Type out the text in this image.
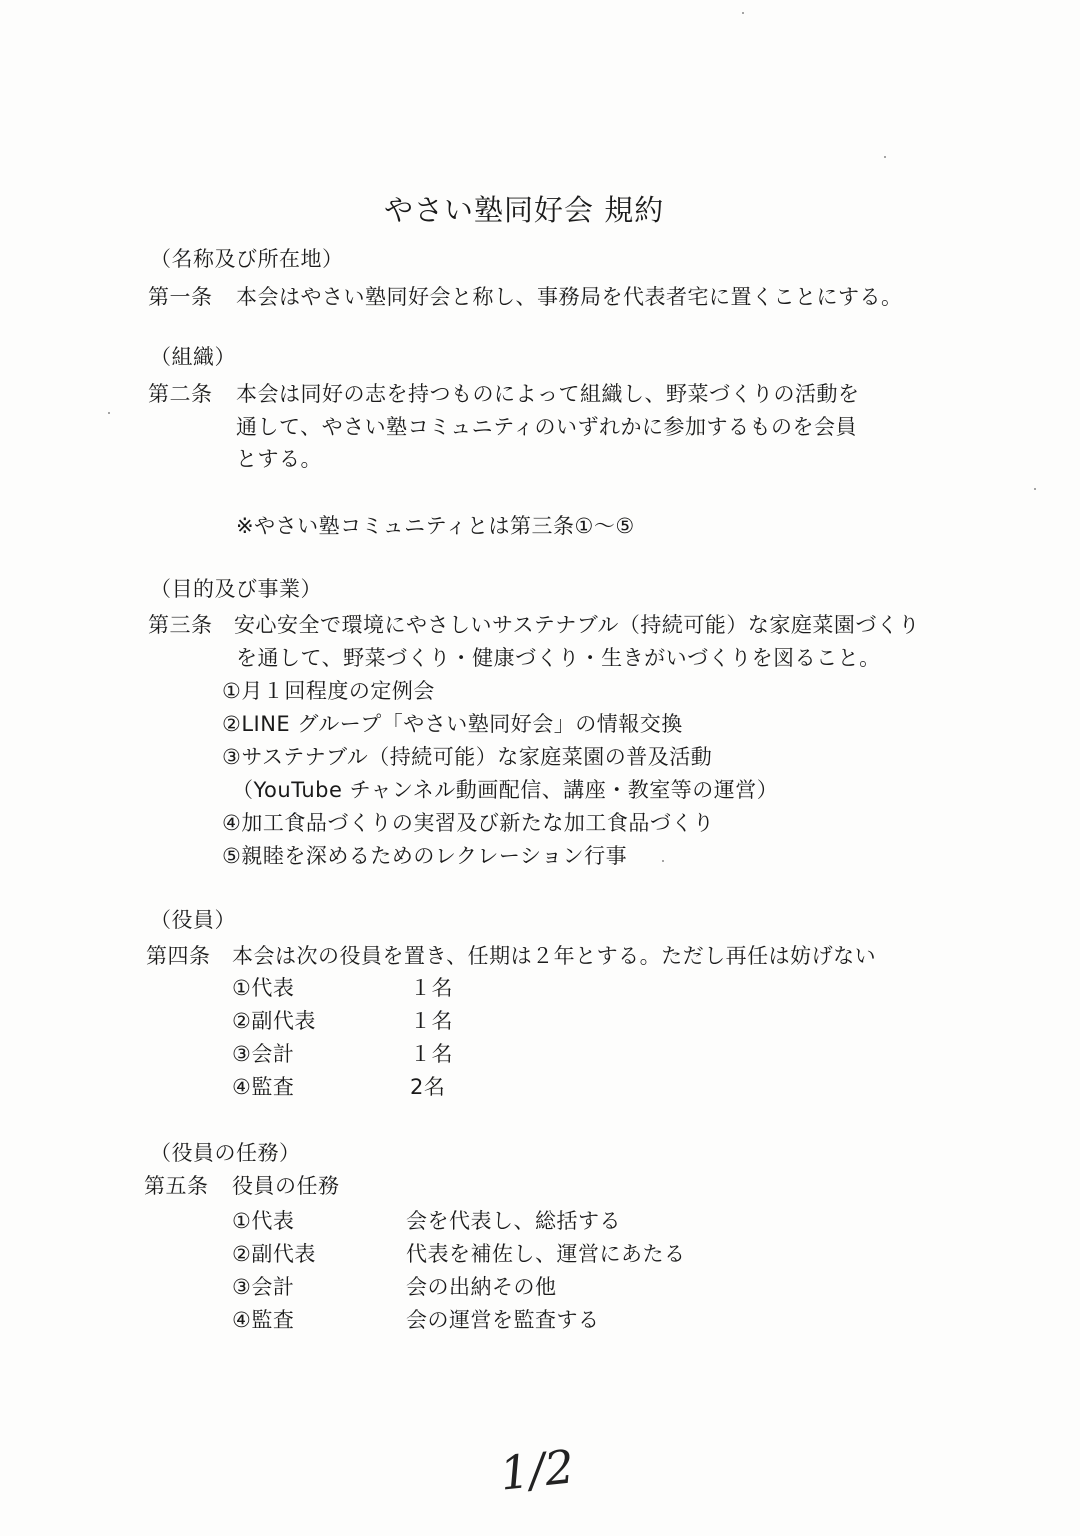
やさい塾同好会 規約
（名称及び所在地）
第一条 本会はやさい塾同好会と称し、事務局を代表者宅に置くことにする。
（組織）
第二条 本会は同好の志を持つものによって組織し、野菜づくりの活動を
通して、やさい塾コミュニティのいずれかに参加するものを会員
とする。
※やさい塾コミュニティとは第三条①～⑤
（目的及び事業）
第三条 安心安全で環境にやさしいサステナブル（持続可能）な家庭菜園づくり
を通して、野菜づくり・健康づくり・生きがいづくりを図ること。
①月１回程度の定例会
②LINE グループ「やさい塾同好会」の情報交換
③サステナブル（持続可能）な家庭菜園の普及活動
（YouTube チャンネル動画配信、講座・教室等の運営）
④加工食品づくりの実習及び新たな加工食品づくり
⑤親睦を深めるためのレクレーション行事
（役員）
第四条 本会は次の役員を置き、任期は２年とする。ただし再任は妨げない
①代表	１名
②副代表	１名
③会計	１名
④監査	2名
（役員の任務）
第五条 役員の任務
①代表	会を代表し、総括する
②副代表	代表を補佐し、運営にあたる
③会計	会の出納その他
④監査	会の運営を監査する
1/2
